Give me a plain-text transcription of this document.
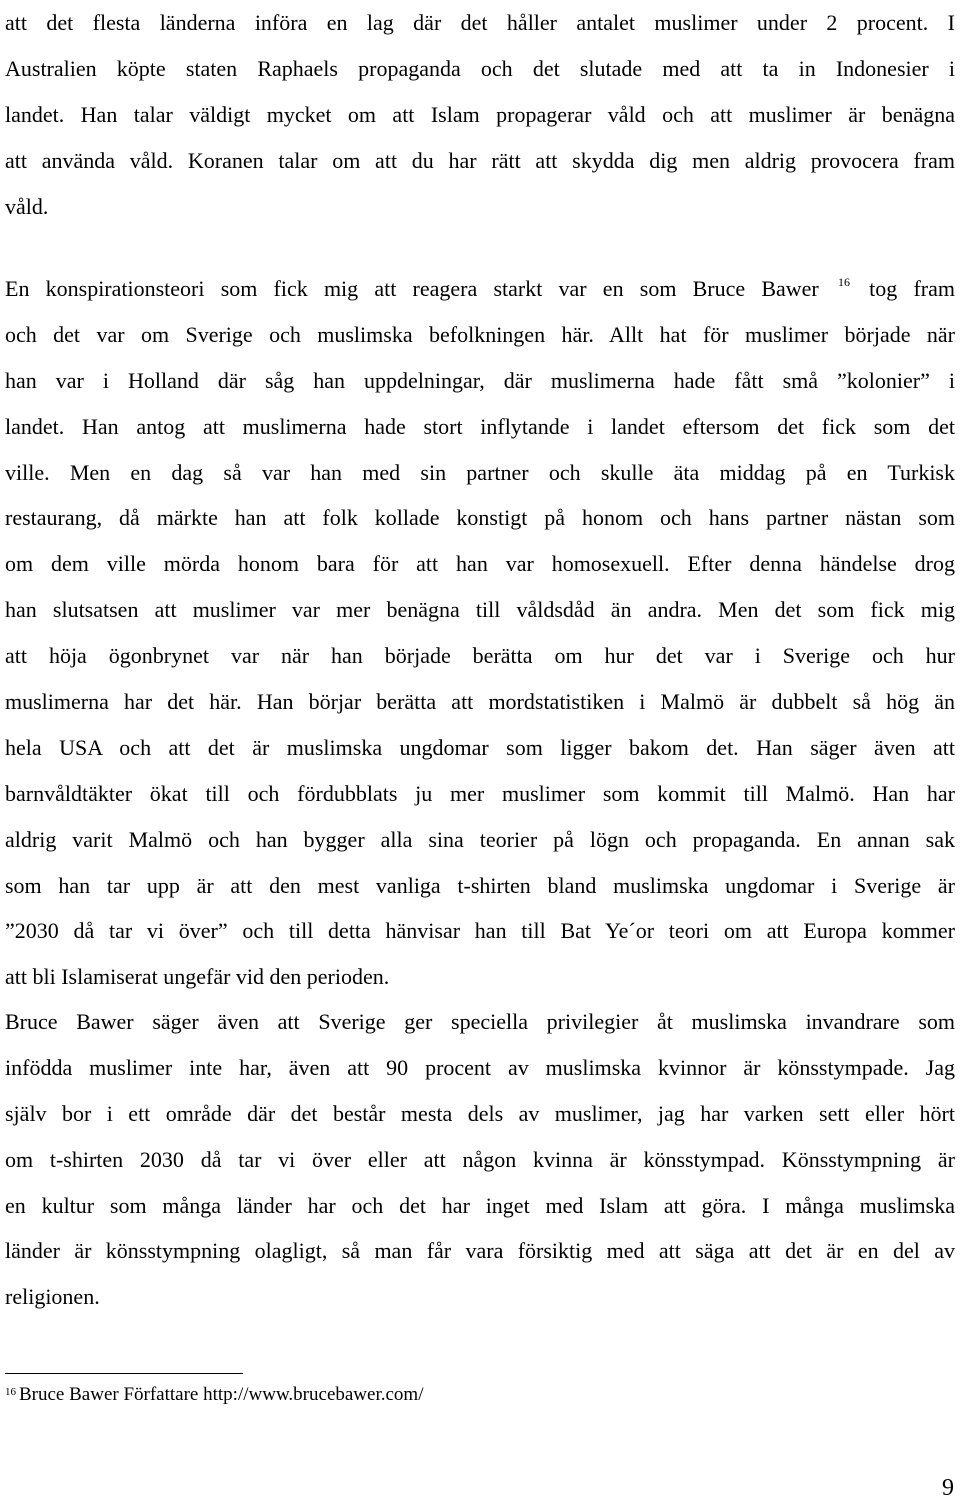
att det flesta länderna införa en lag där det håller antalet muslimer under 2 procent. I
Australien köpte staten Raphaels propaganda och det slutade med att ta in Indonesier i
landet. Han talar väldigt mycket om att Islam propagerar våld och att muslimer är benägna
att använda våld. Koranen talar om att du har rätt att skydda dig men aldrig provocera fram
våld.
En konspirationsteori som fick mig att reagera starkt var en som Bruce Bawer $^{16}$ tog fram
och det var om Sverige och muslimska befolkningen här. Allt hat för muslimer började när
han var i Holland där såg han uppdelningar, där muslimerna hade fått små ”kolonier” i
landet. Han antog att muslimerna hade stort inflytande i landet eftersom det fick som det
ville. Men en dag så var han med sin partner och skulle äta middag på en Turkisk
restaurang, då märkte han att folk kollade konstigt på honom och hans partner nästan som
om dem ville mörda honom bara för att han var homosexuell. Efter denna händelse drog
han slutsatsen att muslimer var mer benägna till våldsdåd än andra. Men det som fick mig
att höja ögonbrynet var när han började berätta om hur det var i Sverige och hur
muslimerna har det här. Han börjar berätta att mordstatistiken i Malmö är dubbelt så hög än
hela USA och att det är muslimska ungdomar som ligger bakom det. Han säger även att
barnvåldtäkter ökat till och fördubblats ju mer muslimer som kommit till Malmö. Han har
aldrig varit Malmö och han bygger alla sina teorier på lögn och propaganda. En annan sak
som han tar upp är att den mest vanliga t-shirten bland muslimska ungdomar i Sverige är
”2030 då tar vi över” och till detta hänvisar han till Bat Ye´or teori om att Europa kommer
att bli Islamiserat ungefär vid den perioden.
Bruce Bawer säger även att Sverige ger speciella privilegier åt muslimska invandrare som
infödda muslimer inte har, även att 90 procent av muslimska kvinnor är könsstympade. Jag
själv bor i ett område där det består mesta dels av muslimer, jag har varken sett eller hört
om t-shirten 2030 då tar vi över eller att någon kvinna är könsstympad. Könsstympning är
en kultur som många länder har och det har inget med Islam att göra. I många muslimska
länder är könsstympning olagligt, så man får vara försiktig med att säga att det är en del av
religionen.
$^{16}$ Bruce Bawer Författare http://www.brucebawer.com/
9
